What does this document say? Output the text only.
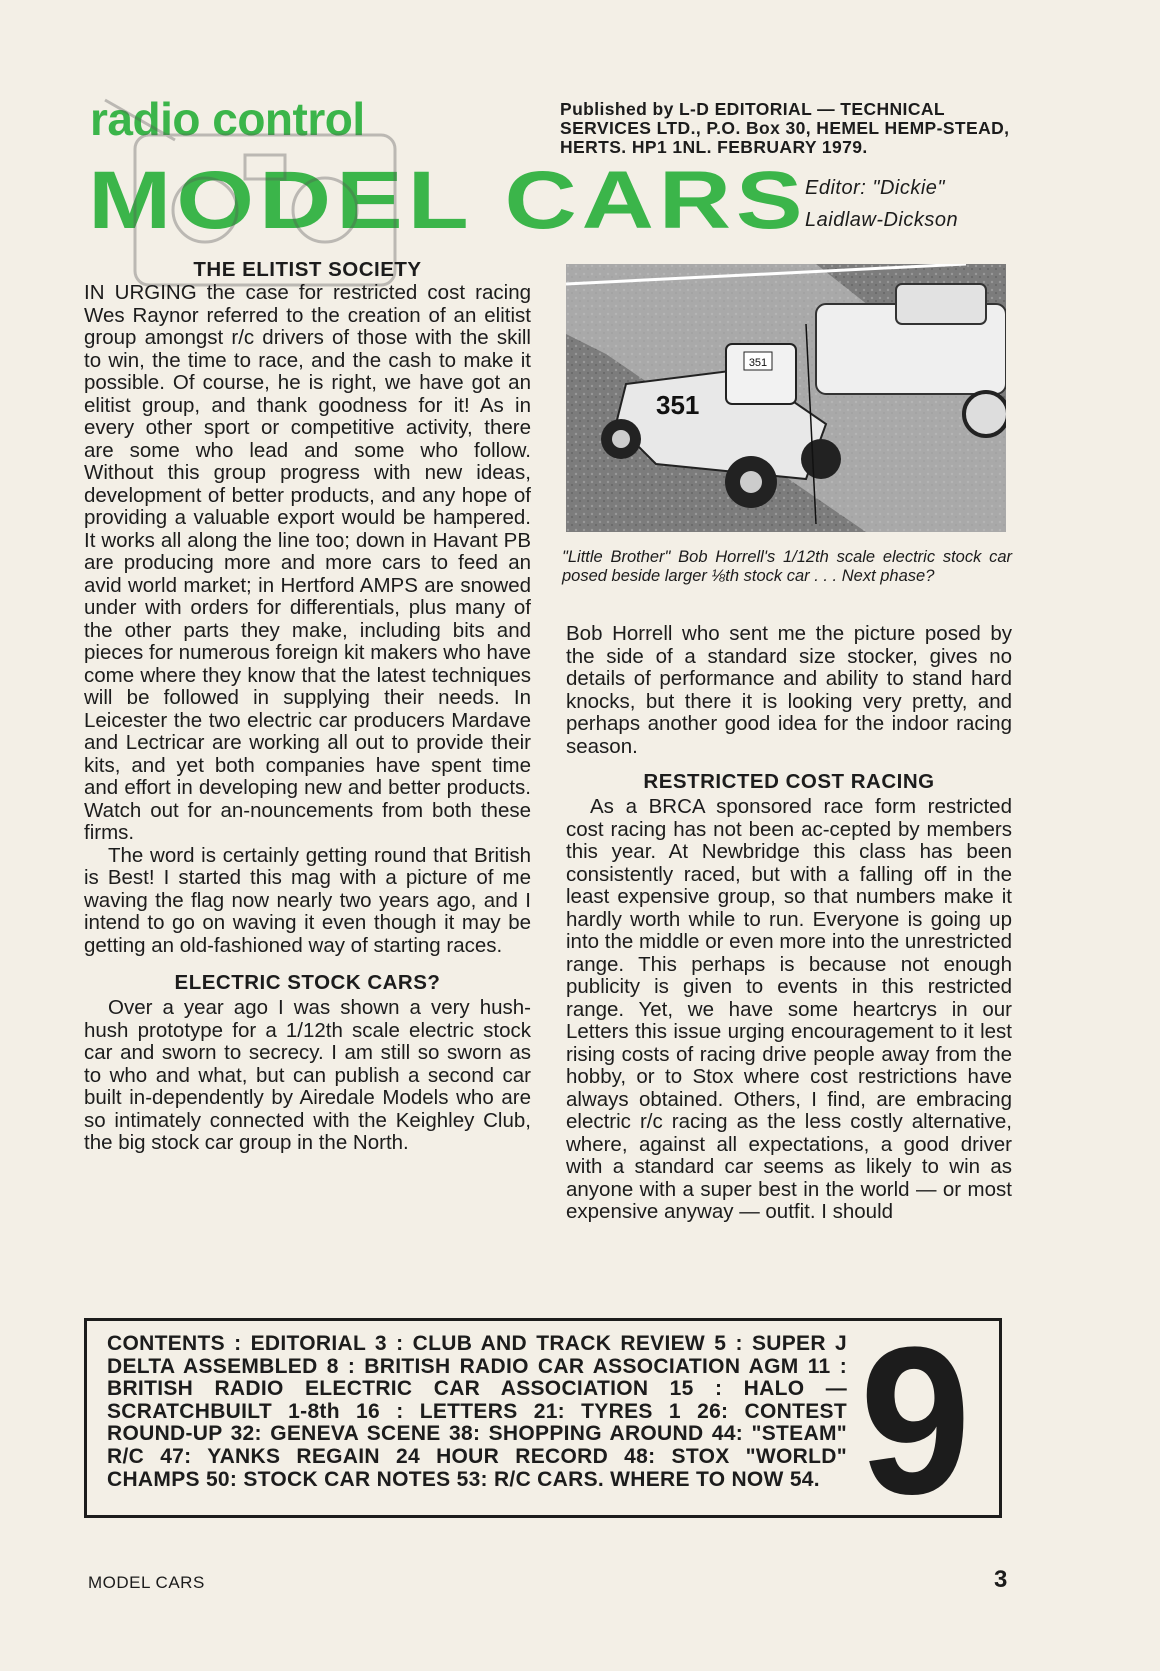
radio control
MODEL CARS
Published by L-D EDITORIAL — TECHNICAL SERVICES LTD., P.O. Box 30, HEMEL HEMP-STEAD, HERTS. HP1 1NL. FEBRUARY 1979.
Editor: "Dickie"
Laidlaw-Dickson
THE ELITIST SOCIETY

IN URGING the case for restricted cost racing Wes Raynor referred to the creation of an elitist group amongst r/c drivers of those with the skill to win, the time to race, and the cash to make it possible. Of course, he is right, we have got an elitist group, and thank goodness for it! As in every other sport or competitive activity, there are some who lead and some who follow. Without this group progress with new ideas, development of better products, and any hope of providing a valuable export would be hampered. It works all along the line too; down in Havant PB are producing more and more cars to feed an avid world market; in Hertford AMPS are snowed under with orders for differentials, plus many of the other parts they make, including bits and pieces for numerous foreign kit makers who have come where they know that the latest techniques will be followed in supplying their needs. In Leicester the two electric car producers Mardave and Lectricar are working all out to provide their kits, and yet both companies have spent time and effort in developing new and better products. Watch out for an-nouncements from both these firms.

The word is certainly getting round that British is Best! I started this mag with a picture of me waving the flag now nearly two years ago, and I intend to go on waving it even though it may be getting an old-fashioned way of starting races.

ELECTRIC STOCK CARS?

Over a year ago I was shown a very hush-hush prototype for a 1/12th scale electric stock car and sworn to secrecy. I am still so sworn as to who and what, but can publish a second car built in-dependently by Airedale Models who are so intimately connected with the Keighley Club, the big stock car group in the North.

351
351
"Little Brother" Bob Horrell's 1/12th scale electric stock car posed beside larger ⅛th stock car . . . Next phase?

Bob Horrell who sent me the picture posed by the side of a standard size stocker, gives no details of performance and ability to stand hard knocks, but there it is looking very pretty, and perhaps another good idea for the indoor racing season.

RESTRICTED COST RACING

As a BRCA sponsored race form restricted cost racing has not been ac-cepted by members this year. At Newbridge this class has been consistently raced, but with a falling off in the least expensive group, so that numbers make it hardly worth while to run. Everyone is going up into the middle or even more into the unrestricted range. This perhaps is because not enough publicity is given to events in this restricted range. Yet, we have some heartcrys in our Letters this issue urging encouragement to it lest rising costs of racing drive people away from the hobby, or to Stox where cost restrictions have always obtained. Others, I find, are embracing electric r/c racing as the less costly alternative, where, against all expectations, a good driver with a standard car seems as likely to win as anyone with a super best in the world — or most expensive anyway — outfit. I should

CONTENTS : EDITORIAL 3 : CLUB AND TRACK REVIEW 5 : SUPER J DELTA ASSEMBLED 8 : BRITISH RADIO CAR ASSOCIATION AGM 11 : BRITISH RADIO ELECTRIC CAR ASSOCIATION 15 : HALO — SCRATCHBUILT 1-8th 16 : LETTERS 21: TYRES 1 26: CONTEST ROUND-UP 32: GENEVA SCENE 38: SHOPPING AROUND 44: "STEAM" R/C 47: YANKS REGAIN 24 HOUR RECORD 48: STOX "WORLD" CHAMPS 50: STOCK CAR NOTES 53: R/C CARS. WHERE TO NOW 54. 9
MODEL CARS	3
